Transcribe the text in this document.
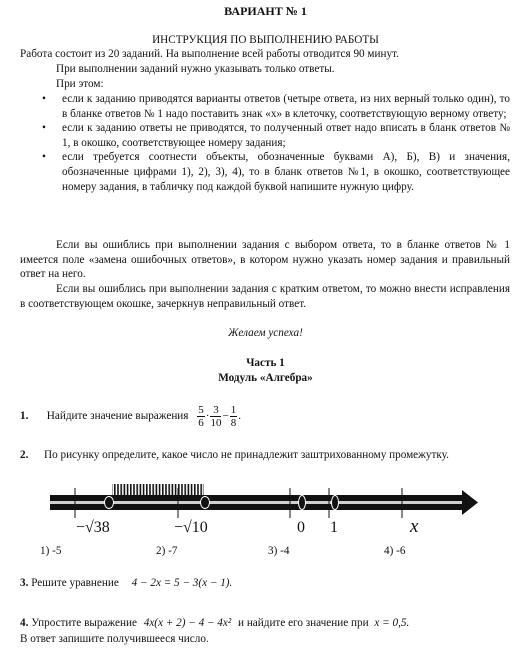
ВАРИАНТ № 1
ИНСТРУКЦИЯ ПО ВЫПОЛНЕНИЮ РАБОТЫ
Работа состоит из 20 заданий. На выполнение всей работы отводится 90 минут.
При выполнении заданий нужно указывать только ответы.
При этом:
• если к заданию приводятся варианты ответов (четыре ответа, из них верный только один), то в бланке ответов № 1 надо поставить знак «x» в клеточку, соответствующую верному ответу;
• если к заданию ответы не приводятся, то полученный ответ надо вписать в бланк ответов № 1, в окошко, соответствующее номеру задания;
• если требуется соотнести объекты, обозначенные буквами А), Б), В) и значения, обозначенные цифрами 1), 2), 3), 4), то в бланк ответов №1, в окошко, соответствующее номеру задания, в табличку под каждой буквой напишите нужную цифру.
Если вы ошиблись при выполнении задания с выбором ответа, то в бланке ответов № 1 имеется поле «замена ошибочных ответов», в котором нужно указать номер задания и правильный ответ на него.
Если вы ошиблись при выполнении задания с кратким ответом, то можно внести исправления в соответствующем окошке, зачеркнув неправильный ответ.
Желаем успеха!
Часть 1
Модуль «Алгебра»
1. Найдите значение выражения $\frac{5}{6} \cdot \frac{3}{10} - \frac{1}{8}$ .
2. По рисунку определите, какое число не принадлежит заштрихованному промежутку.
−√38	−√10	0 1	x
1) -5	2) -7	3) -4	4) -6
3. Решите уравнение 4 − 2x = 5 − 3(x − 1).
4. Упростите выражение 4x(x + 2) − 4 − 4x² и найдите его значение при x = 0,5.
В ответ запишите получившееся число.
